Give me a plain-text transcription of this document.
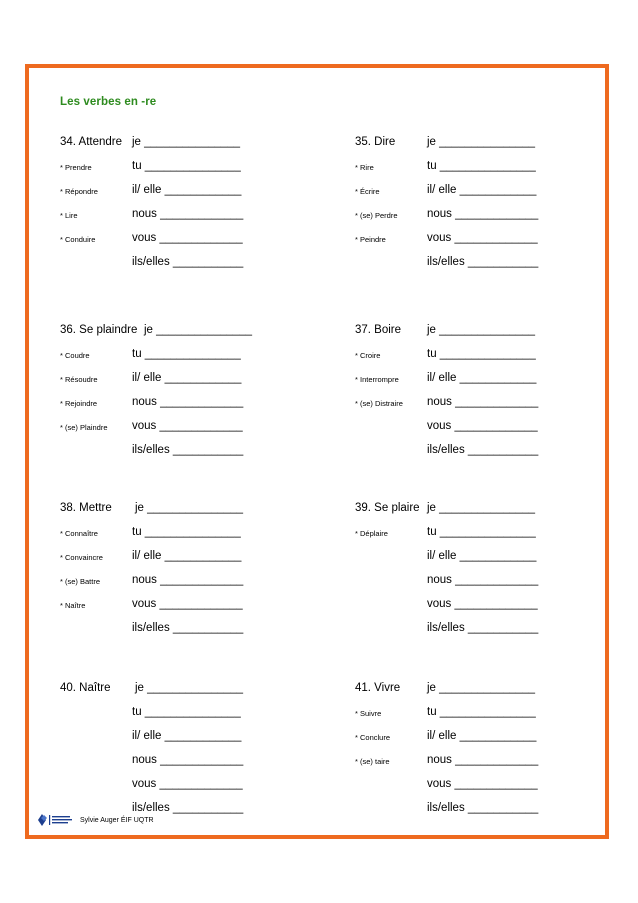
Les verbes en -re
34. Attendre je _______________
* Prendre	tu _______________
* Répondre	il/ elle ____________
* Lire	nous _____________
* Conduire	vous _____________
ils/elles ___________
35. Dire	je _______________
* Rire	tu _______________
* Écrire	il/ elle ____________
* (se) Perdre	nous _____________
* Peindre	vous _____________
ils/elles ___________
36. Se plaindre je _______________
* Coudre	tu _______________
* Résoudre	il/ elle ____________
* Rejoindre	nous _____________
* (se) Plaindre vous _____________
ils/elles ___________
37. Boire je _______________
* Croire	tu _______________
* Interrompre il/ elle ____________
* (se) Distraire nous _____________
vous _____________
ils/elles ___________
38. Mettre je _______________
* Connaître	tu _______________
* Convaincre	il/ elle ____________
* (se) Battre	nous _____________
* Naître	vous _____________
ils/elles ___________
39. Se plaire je _______________
* Déplaire	tu _______________
il/ elle ____________
nous _____________
vous _____________
ils/elles ___________
40. Naître je _______________
tu _______________
il/ elle ____________
nous _____________
vous _____________
ils/elles ___________
41. Vivre je _______________
* Suivre	tu _______________
* Conclure	il/ elle ____________
* (se) taire	nous _____________
vous _____________
ils/elles ___________
Sylvie Auger ÉIF UQTR
